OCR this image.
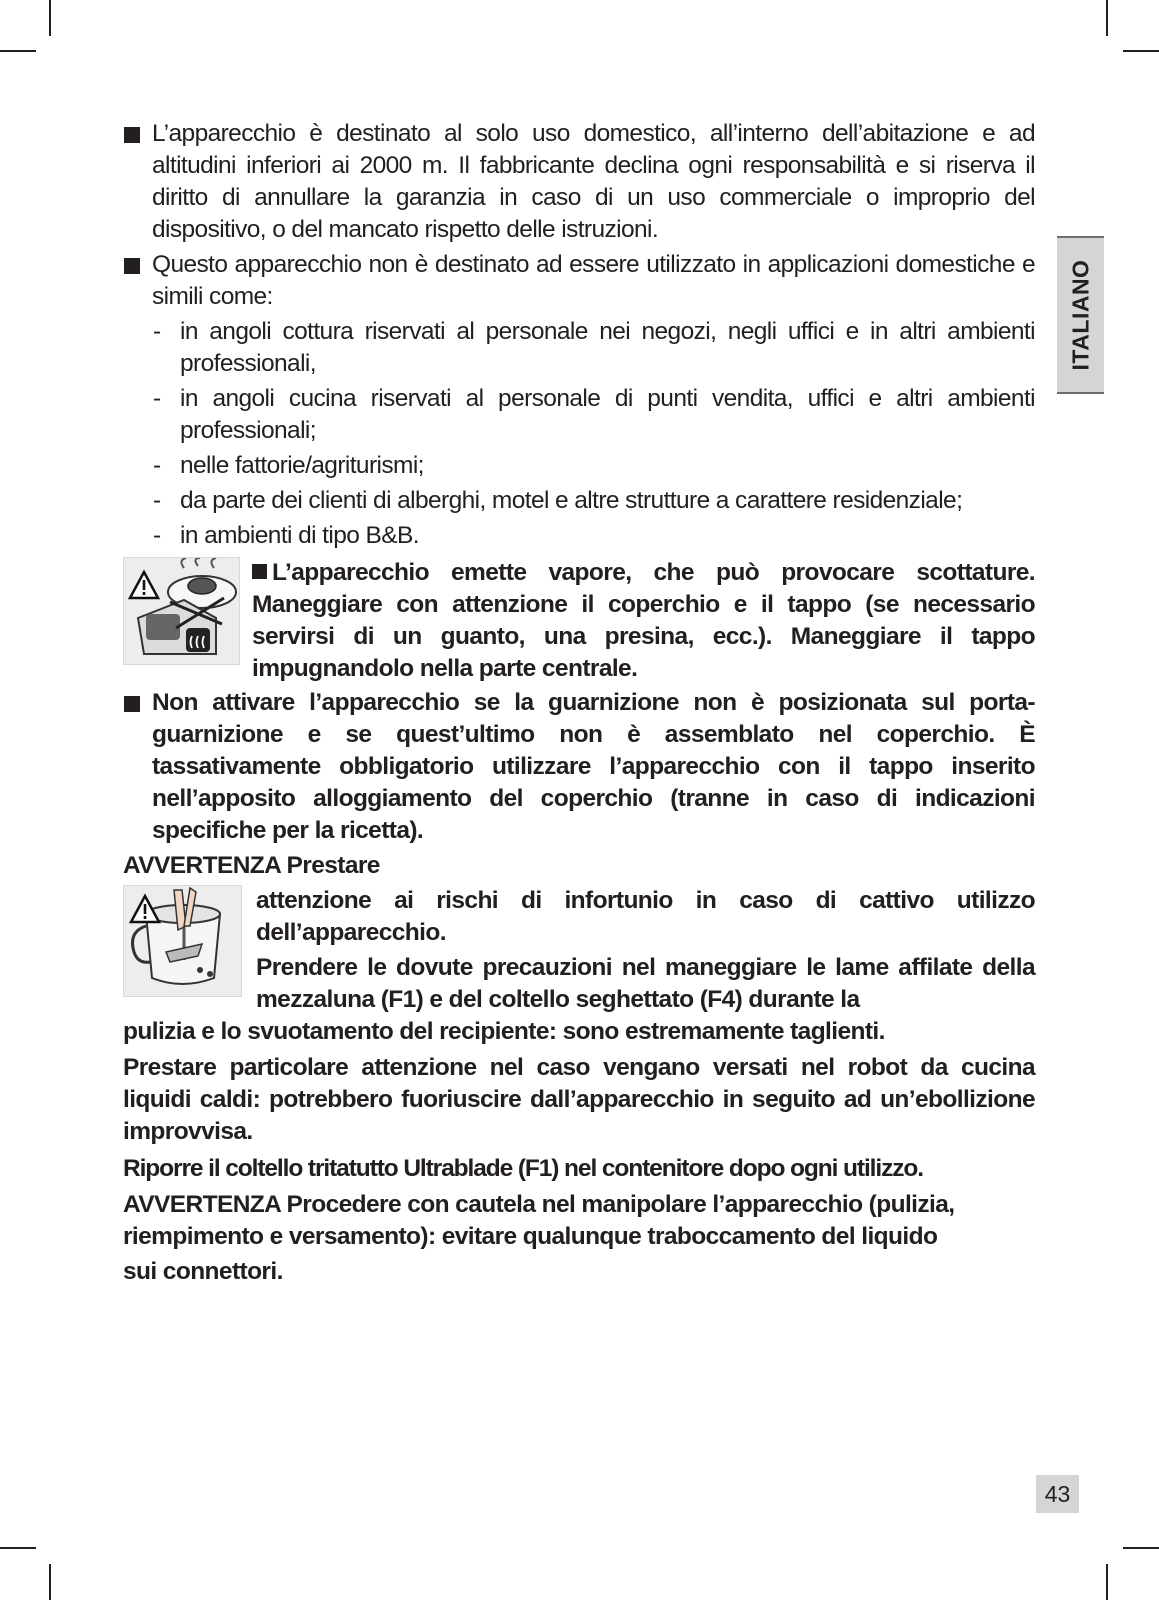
ITALIANO
L’apparecchio è destinato al solo uso domestico, all’interno dell’abitazione e ad altitudini inferiori ai 2000 m. Il fabbricante declina ogni responsabilità e si riserva il diritto di annullare la garanzia in caso di un uso commerciale o improprio del dispositivo, o del mancato rispetto delle istruzioni.
Questo apparecchio non è destinato ad essere utilizzato in applicazioni domestiche e simili come:
- in angoli cottura riservati al personale nei negozi, negli uffici e in altri ambienti professionali,
- in angoli cucina riservati al personale di punti vendita, uffici e altri ambienti professionali;
- nelle fattorie/agriturismi;
- da parte dei clienti di alberghi, motel e altre strutture a carattere residenziale;
- in ambienti di tipo B&B.
L’apparecchio emette vapore, che può provocare scottature. Maneggiare con attenzione il coperchio e il tappo (se necessario servirsi di un guanto, una presina, ecc.). Maneggiare il tappo impugnandolo nella parte centrale.
Non attivare l’apparecchio se la guarnizione non è posizionata sul porta-guarnizione e se quest’ultimo non è assemblato nel coperchio. È tassativamente obbligatorio utilizzare l’apparecchio con il tappo inserito nell’apposito alloggiamento del coperchio (tranne in caso di indicazioni specifiche per la ricetta).
AVVERTENZA Prestare
attenzione ai rischi di infortunio in caso di cattivo utilizzo dell’apparecchio.
Prendere le dovute precauzioni nel maneggiare le lame affilate della mezzaluna (F1) e del coltello seghettato (F4) durante la
pulizia e lo svuotamento del recipiente: sono estremamente taglienti.
Prestare particolare attenzione nel caso vengano versati nel robot da cucina liquidi caldi: potrebbero fuoriuscire dall’apparecchio in seguito ad un’ebollizione improvvisa.
Riporre il coltello tritatutto Ultrablade (F1) nel contenitore dopo ogni utilizzo.
AVVERTENZA Procedere con cautela nel manipolare l’apparecchio (pulizia,
riempimento e versamento): evitare qualunque traboccamento del liquido
sui connettori.
43
